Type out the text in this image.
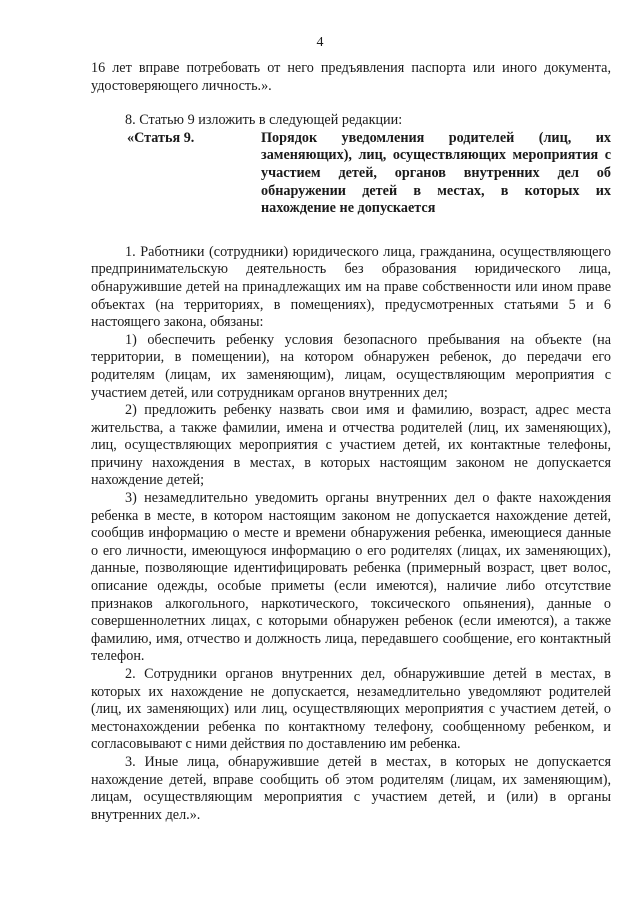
4

16 лет вправе потребовать от него предъявления паспорта или иного документа, удостоверяющего личность.».

8. Статью 9 изложить в следующей редакции:

«Статья 9.	Порядок уведомления родителей (лиц, их заменяющих), лиц, осуществляющих мероприятия с участием детей, органов внутренних дел об обнаружении детей в местах, в которых их нахождение не допускается

1. Работники (сотрудники) юридического лица, гражданина, осуществляющего предпринимательскую деятельность без образования юридического лица, обнаружившие детей на принадлежащих им на праве собственности или ином праве объектах (на территориях, в помещениях), предусмотренных статьями 5 и 6 настоящего закона, обязаны:

1) обеспечить ребенку условия безопасного пребывания на объекте (на территории, в помещении), на котором обнаружен ребенок, до передачи его родителям (лицам, их заменяющим), лицам, осуществляющим мероприятия с участием детей, или сотрудникам органов внутренних дел;

2) предложить ребенку назвать свои имя и фамилию, возраст, адрес места жительства, а также фамилии, имена и отчества родителей (лиц, их заменяющих), лиц, осуществляющих мероприятия с участием детей, их контактные телефоны, причину нахождения в местах, в которых настоящим законом не допускается нахождение детей;

3) незамедлительно уведомить органы внутренних дел о факте нахождения ребенка в месте, в котором настоящим законом не допускается нахождение детей, сообщив информацию о месте и времени обнаружения ребенка, имеющиеся данные о его личности, имеющуюся информацию о его родителях (лицах, их заменяющих), данные, позволяющие идентифицировать ребенка (примерный возраст, цвет волос, описание одежды, особые приметы (если имеются), наличие либо отсутствие признаков алкогольного, наркотического, токсического опьянения), данные о совершеннолетних лицах, с которыми обнаружен ребенок (если имеются), а также фамилию, имя, отчество и должность лица, передавшего сообщение, его контактный телефон.

2. Сотрудники органов внутренних дел, обнаружившие детей в местах, в которых их нахождение не допускается, незамедлительно уведомляют родителей (лиц, их заменяющих) или лиц, осуществляющих мероприятия с участием детей, о местонахождении ребенка по контактному телефону, сообщенному ребенком, и согласовывают с ними действия по доставлению им ребенка.

3. Иные лица, обнаружившие детей в местах, в которых не допускается нахождение детей, вправе сообщить об этом родителям (лицам, их заменяющим), лицам, осуществляющим мероприятия с участием детей, и (или) в органы внутренних дел.».
